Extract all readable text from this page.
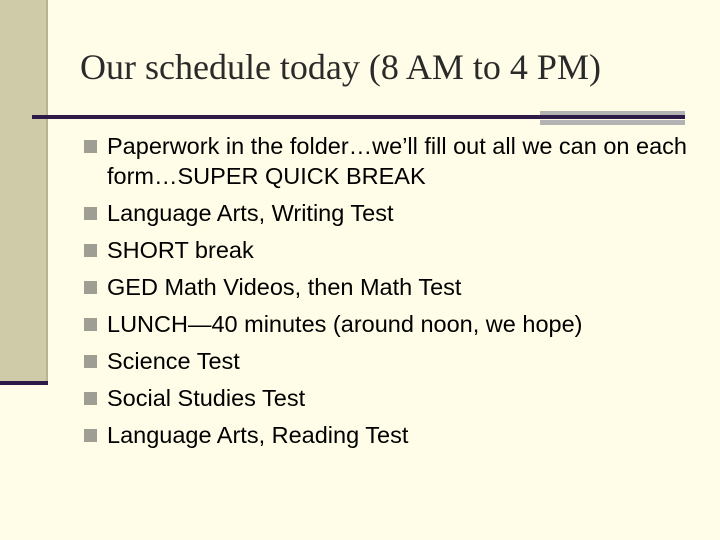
Our schedule today (8 AM to 4 PM)
Paperwork in the folder…we’ll fill out all we can on each form…SUPER QUICK BREAK
Language Arts, Writing Test
SHORT break
GED Math Videos, then Math Test
LUNCH—40 minutes (around noon, we hope)
Science Test
Social Studies Test
Language Arts, Reading Test
